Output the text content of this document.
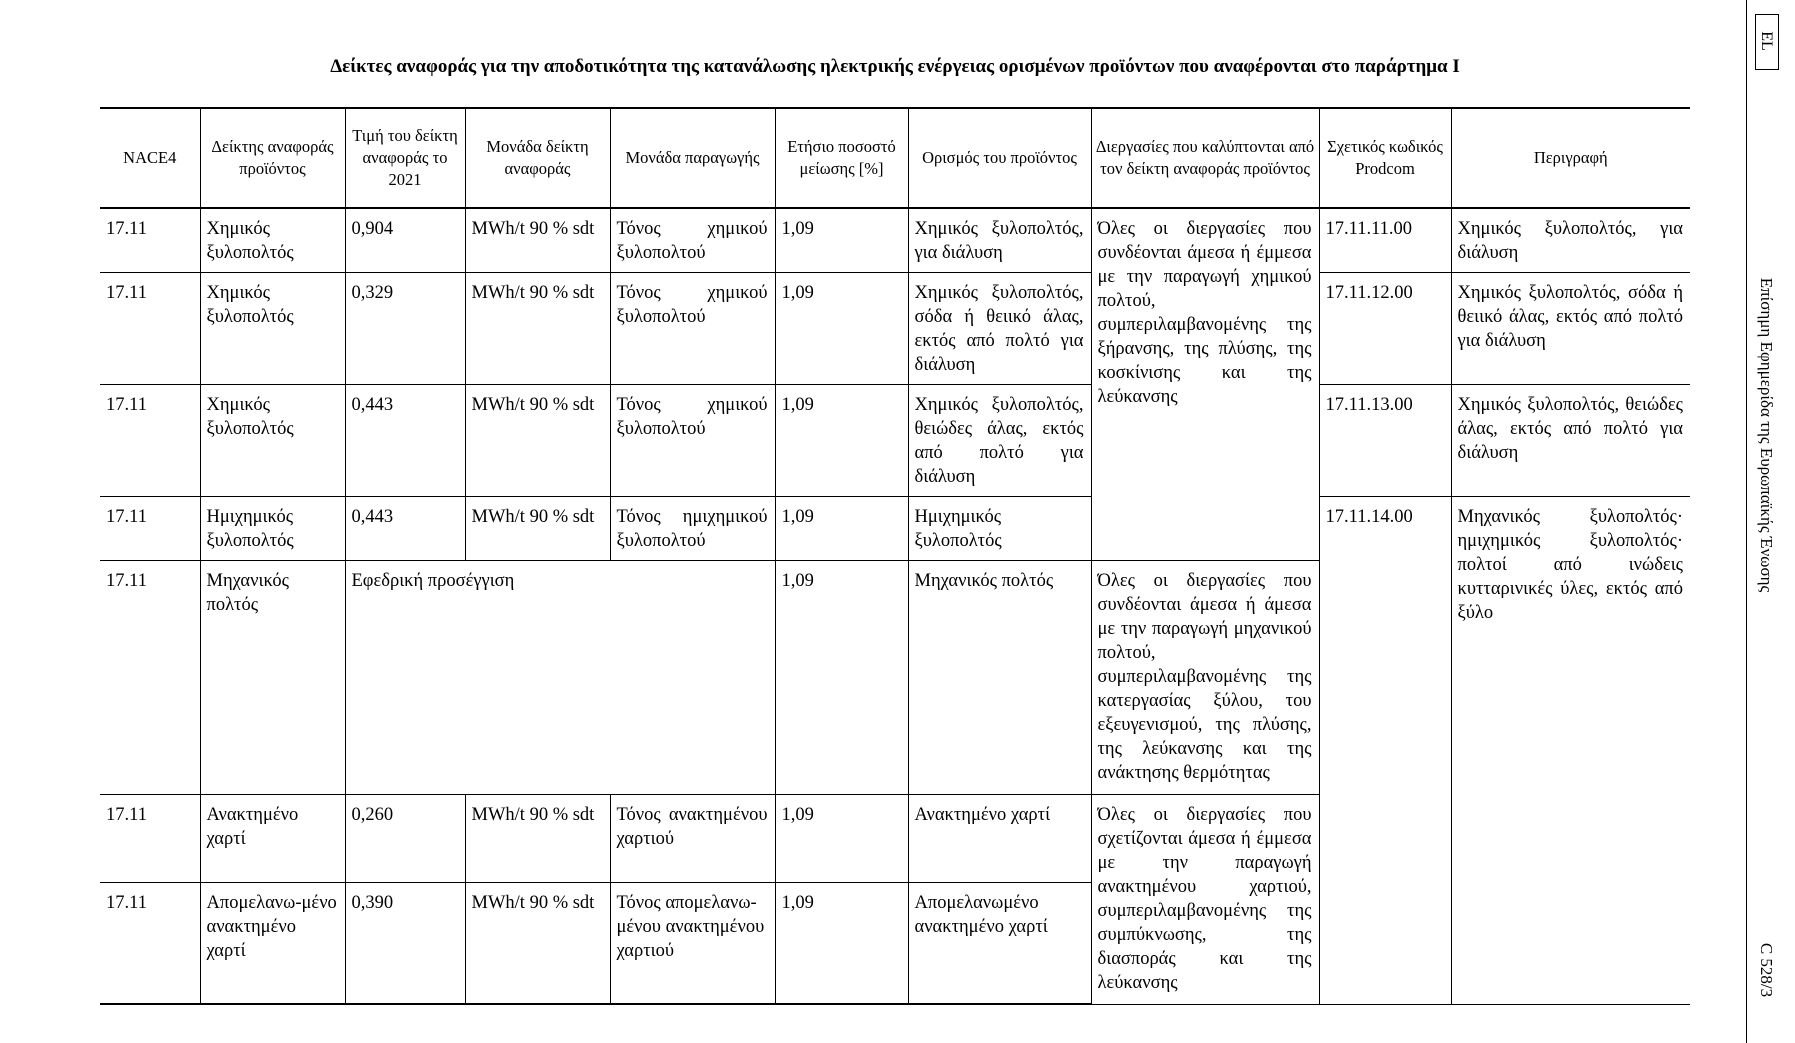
Δείκτες αναφοράς για την αποδοτικότητα της κατανάλωσης ηλεκτρικής ενέργειας ορισμένων προϊόντων που αναφέρονται στο παράρτημα I
NACE4	Δείκτης αναφοράς προϊόντος	Τιμή του δείκτη αναφοράς το 2021	Μονάδα δείκτη αναφοράς	Μονάδα παραγωγής	Ετήσιο ποσοστό μείωσης [%]	Ορισμός του προϊόντος	Διεργασίες που καλύπτονται από τον δείκτη αναφοράς προϊόντος	Σχετικός κωδικός Prodcom	Περιγραφή
17.11	Χημικός ξυλοπολτός	0,904	MWh/t 90 % sdt	Τόνος χημικού ξυλοπολτού	1,09	Χημικός ξυλοπολτός, για διάλυση	Όλες οι διεργασίες που συνδέονται άμεσα ή έμμεσα με την παραγωγή χημικού πολτού, συμπεριλαμβανομένης της ξήρανσης, της πλύσης, της κοσκίνισης και της λεύκανσης	17.11.11.00	Χημικός ξυλοπολτός, για διάλυση
17.11	Χημικός ξυλοπολτός	0,329	MWh/t 90 % sdt	Τόνος χημικού ξυλοπολτού	1,09	Χημικός ξυλοπολτός, σόδα ή θειικό άλας, εκτός από πολτό για διάλυση		17.11.12.00	Χημικός ξυλοπολτός, σόδα ή θειικό άλας, εκτός από πολτό για διάλυση
17.11	Χημικός ξυλοπολτός	0,443	MWh/t 90 % sdt	Τόνος χημικού ξυλοπολτού	1,09	Χημικός ξυλοπολτός, θειώδες άλας, εκτός από πολτό για διάλυση		17.11.13.00	Χημικός ξυλοπολτός, θειώδες άλας, εκτός από πολτό για διάλυση
17.11	Ημιχημικός ξυλοπολτός	0,443	MWh/t 90 % sdt	Τόνος ημιχημικού ξυλοπολτού	1,09	Ημιχημικός ξυλοπολτός		17.11.14.00	Μηχανικός ξυλοπολτός· ημιχημικός ξυλοπολτός· πολτοί από ινώδεις κυτταρινικές ύλες, εκτός από ξύλο
17.11	Μηχανικός πολτός	Εφεδρική προσέγγιση			1,09	Μηχανικός πολτός	Όλες οι διεργασίες που συνδέονται άμεσα ή άμεσα με την παραγωγή μηχανικού πολτού, συμπεριλαμβανομένης της κατεργασίας ξύλου, του εξευγενισμού, της πλύσης, της λεύκανσης και της ανάκτησης θερμότητας		
17.11	Ανακτημένο χαρτί	0,260	MWh/t 90 % sdt	Τόνος ανακτημένου χαρτιού	1,09	Ανακτημένο χαρτί	Όλες οι διεργασίες που σχετίζονται άμεσα ή έμμεσα με την παραγωγή ανακτημένου χαρτιού, συμπεριλαμβανομένης της συμπύκνωσης, της διασποράς και της λεύκανσης		
17.11	Απομελανω-μένο ανακτημένο χαρτί	0,390	MWh/t 90 % sdt	Τόνος απομελανω-μένου ανακτημένου χαρτιού	1,09	Απομελανωμένο ανακτημένο χαρτί			
EL
Επίσημη Εφημερίδα της Ευρωπαϊκής Ένωσης
C 528/3
